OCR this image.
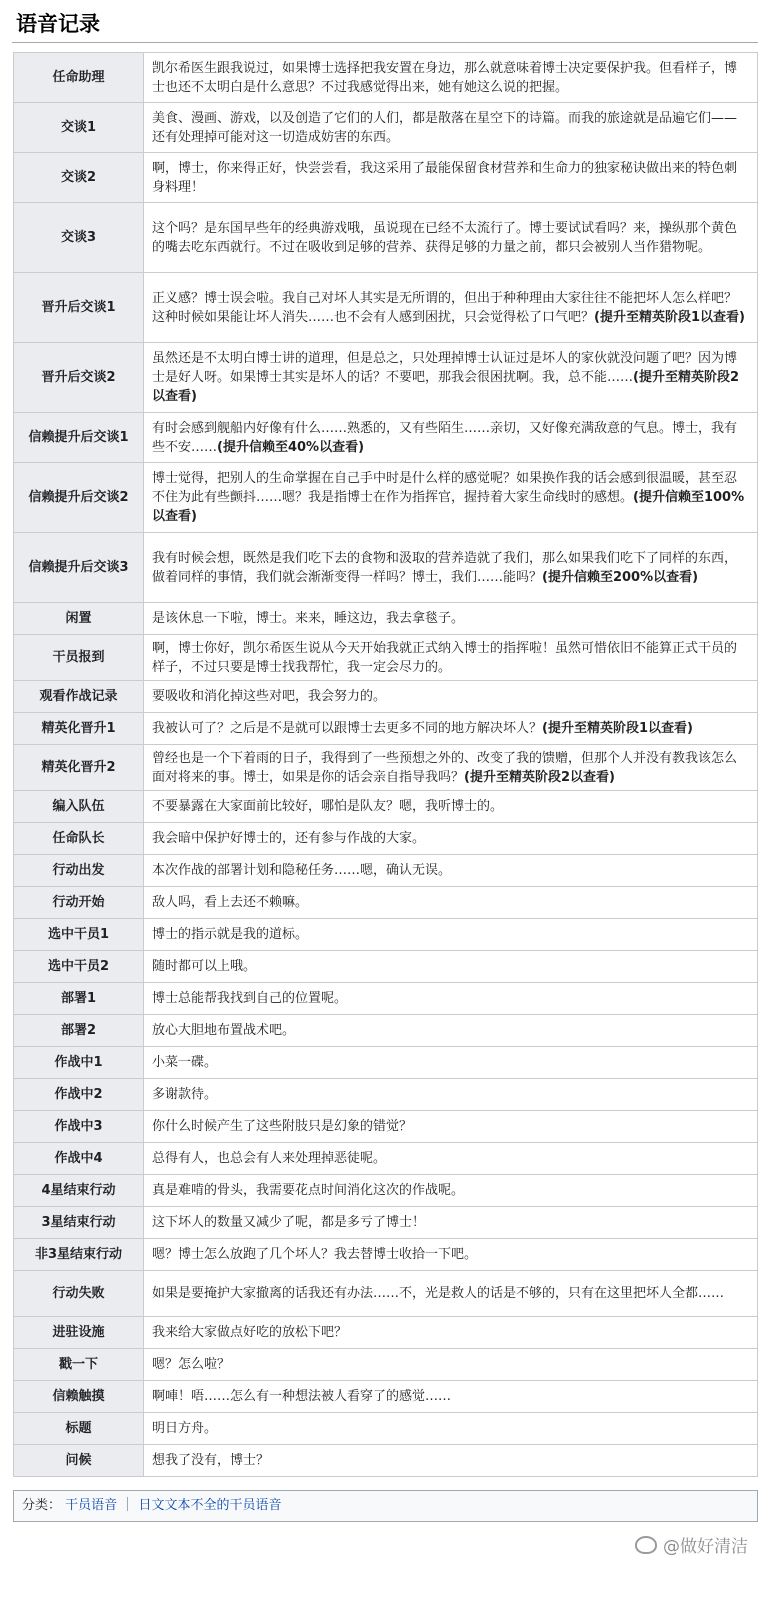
语音记录
任命助理	凯尔希医生跟我说过，如果博士选择把我安置在身边，那么就意味着博士决定要保护我。但看样子，博士也还不太明白是什么意思？不过我感觉得出来，她有她这么说的把握。
交谈1	美食、漫画、游戏，以及创造了它们的人们，都是散落在星空下的诗篇。而我的旅途就是品遍它们——还有处理掉可能对这一切造成妨害的东西。
交谈2	啊，博士，你来得正好，快尝尝看，我这采用了最能保留食材营养和生命力的独家秘诀做出来的特色刺身料理！
交谈3	这个吗？是东国早些年的经典游戏哦，虽说现在已经不太流行了。博士要试试看吗？来，操纵那个黄色的嘴去吃东西就行。不过在吸收到足够的营养、获得足够的力量之前，都只会被别人当作猎物呢。
晋升后交谈1	正义感？博士误会啦。我自己对坏人其实是无所谓的，但出于种种理由大家往往不能把坏人怎么样吧？这种时候如果能让坏人消失……也不会有人感到困扰，只会觉得松了口气吧？(提升至精英阶段1以查看)
晋升后交谈2	虽然还是不太明白博士讲的道理，但是总之，只处理掉博士认证过是坏人的家伙就没问题了吧？因为博士是好人呀。如果博士其实是坏人的话？不要吧，那我会很困扰啊。我，总不能……(提升至精英阶段2以查看)
信赖提升后交谈1	有时会感到舰船内好像有什么……熟悉的，又有些陌生……亲切，又好像充满敌意的气息。博士，我有些不安……(提升信赖至40%以查看)
信赖提升后交谈2	博士觉得，把别人的生命掌握在自己手中时是什么样的感觉呢？如果换作我的话会感到很温暖，甚至忍不住为此有些颤抖……嗯？我是指博士在作为指挥官，握持着大家生命线时的感想。(提升信赖至100%以查看)
信赖提升后交谈3	我有时候会想，既然是我们吃下去的食物和汲取的营养造就了我们，那么如果我们吃下了同样的东西，做着同样的事情，我们就会渐渐变得一样吗？博士，我们……能吗？(提升信赖至200%以查看)
闲置	是该休息一下啦，博士。来来，睡这边，我去拿毯子。
干员报到	啊，博士你好，凯尔希医生说从今天开始我就正式纳入博士的指挥啦！虽然可惜依旧不能算正式干员的样子，不过只要是博士找我帮忙，我一定会尽力的。
观看作战记录	要吸收和消化掉这些对吧，我会努力的。
精英化晋升1	我被认可了？之后是不是就可以跟博士去更多不同的地方解决坏人？(提升至精英阶段1以查看)
精英化晋升2	曾经也是一个下着雨的日子，我得到了一些预想之外的、改变了我的馈赠，但那个人并没有教我该怎么面对将来的事。博士，如果是你的话会亲自指导我吗？(提升至精英阶段2以查看)
编入队伍	不要暴露在大家面前比较好，哪怕是队友？嗯，我听博士的。
任命队长	我会暗中保护好博士的，还有参与作战的大家。
行动出发	本次作战的部署计划和隐秘任务……嗯，确认无误。
行动开始	敌人吗，看上去还不赖嘛。
选中干员1	博士的指示就是我的道标。
选中干员2	随时都可以上哦。
部署1	博士总能帮我找到自己的位置呢。
部署2	放心大胆地布置战术吧。
作战中1	小菜一碟。
作战中2	多谢款待。
作战中3	你什么时候产生了这些附肢只是幻象的错觉？
作战中4	总得有人，也总会有人来处理掉恶徒呢。
4星结束行动	真是难啃的骨头，我需要花点时间消化这次的作战呢。
3星结束行动	这下坏人的数量又减少了呢，都是多亏了博士！
非3星结束行动	嗯？博士怎么放跑了几个坏人？我去替博士收拾一下吧。
行动失败	如果是要掩护大家撤离的话我还有办法……不，光是救人的话是不够的，只有在这里把坏人全都……
进驻设施	我来给大家做点好吃的放松下吧？
戳一下	嗯？怎么啦？
信赖触摸	啊唓！唔……怎么有一种想法被人看穿了的感觉……
标题	明日方舟。
问候	想我了没有，博士？
分类： 干员语音 日文文本不全的干员语音
@做好清洁
